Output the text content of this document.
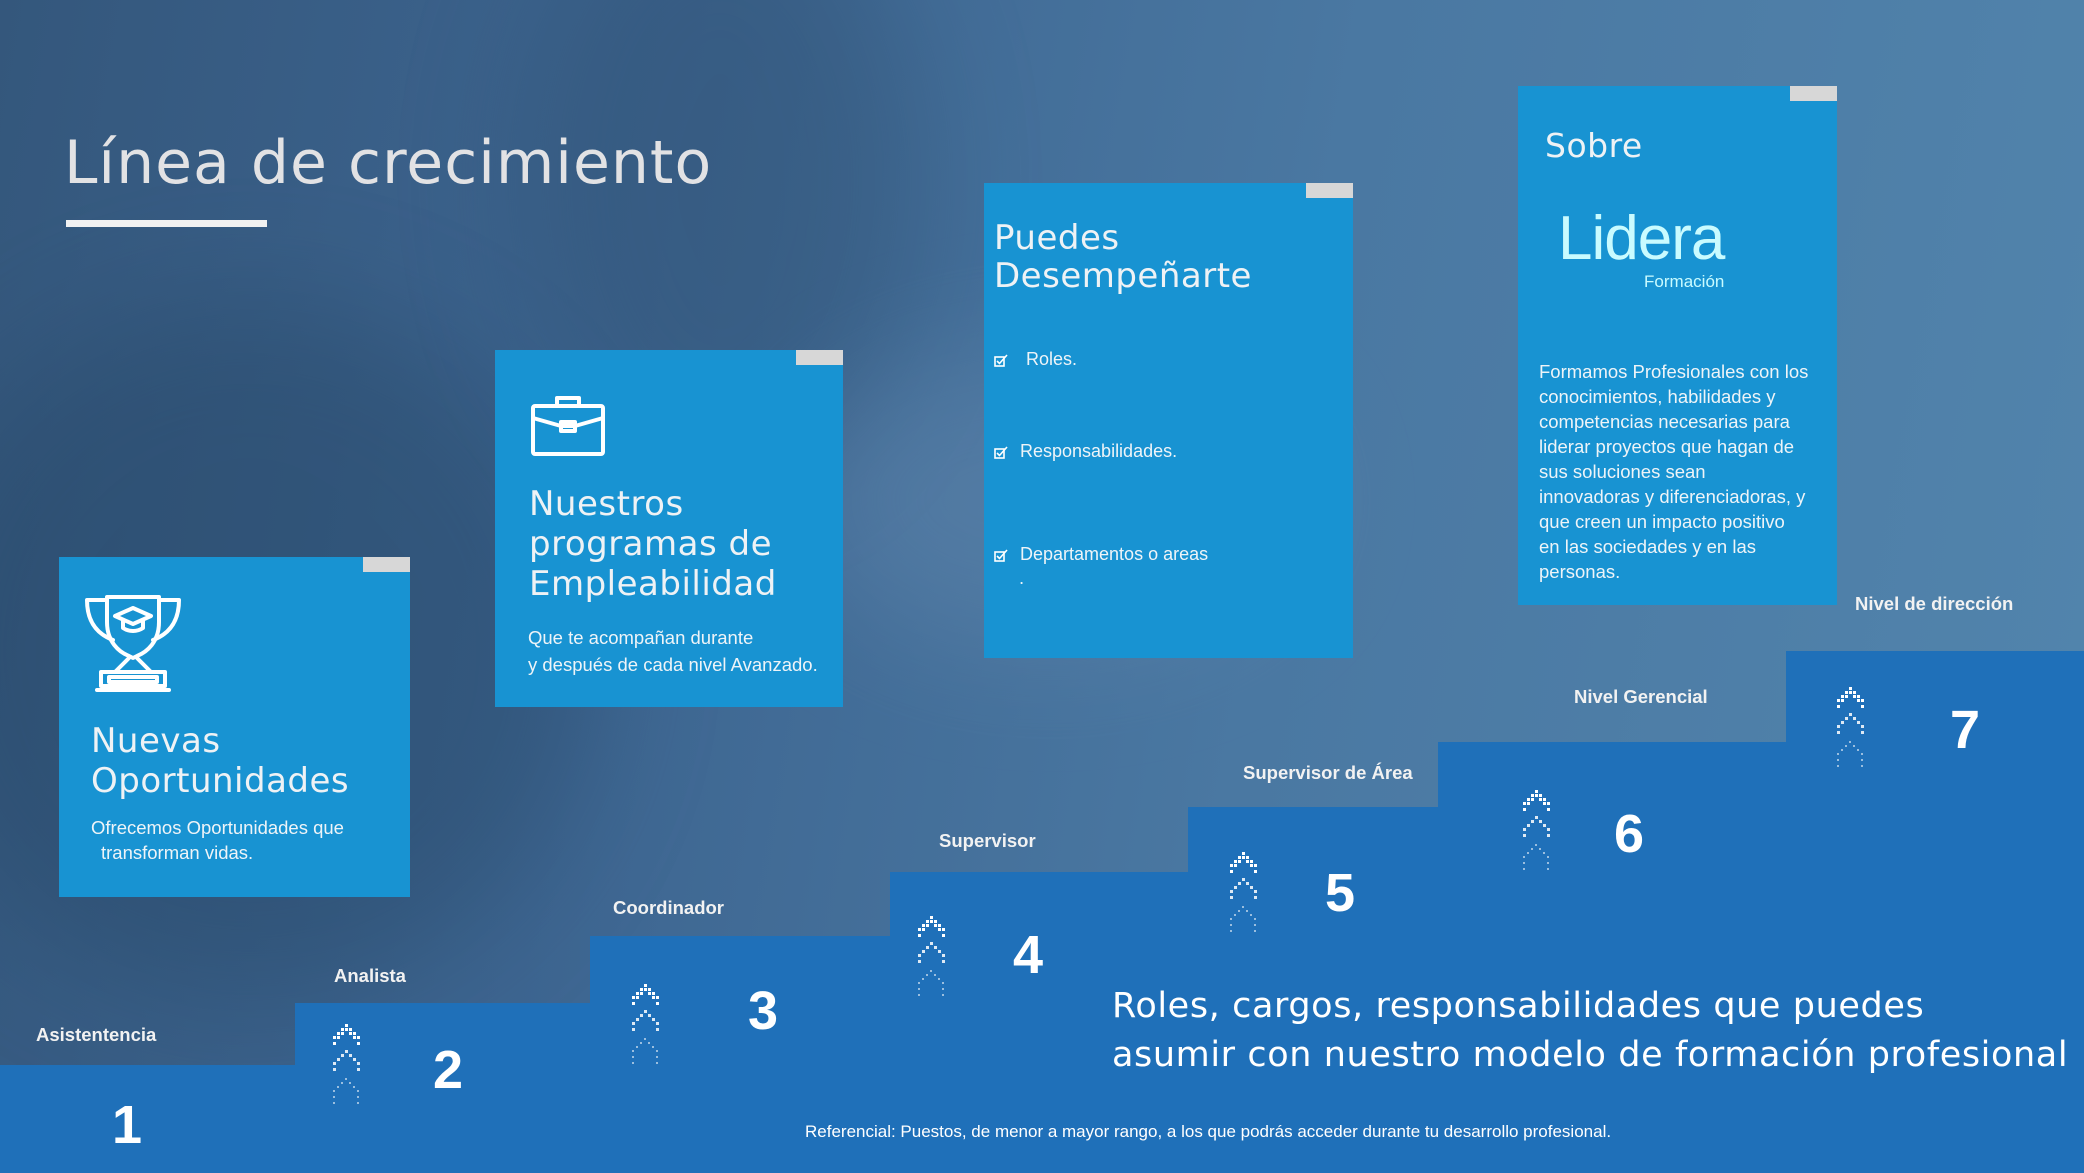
Línea de crecimiento
Nuevas
Oportunidades
Ofrecemos Oportunidades que
transforman vidas.
Nuestros
programas de
Empleabilidad
Que te acompañan durante
y después de cada nivel Avanzado.
Puedes
Desempeñarte
Roles.
Responsabilidades.
Departamentos o areas
.
Sobre
Lidera
Formación
Formamos Profesionales con los
conocimientos, habilidades y
competencias necesarias para
liderar proyectos que hagan de
sus soluciones sean
innovadoras y diferenciadoras, y
que creen un impacto positivo
en las sociedades y en las
personas.
Asistentencia
Analista
Coordinador
Supervisor
Supervisor de Área
Nivel Gerencial
Nivel de dirección
1
2
3
4
5
6
7
Roles, cargos, responsabilidades que puedes
asumir con nuestro modelo de formación profesional
Referencial: Puestos, de menor a mayor rango, a los que podrás acceder durante tu desarrollo profesional.
